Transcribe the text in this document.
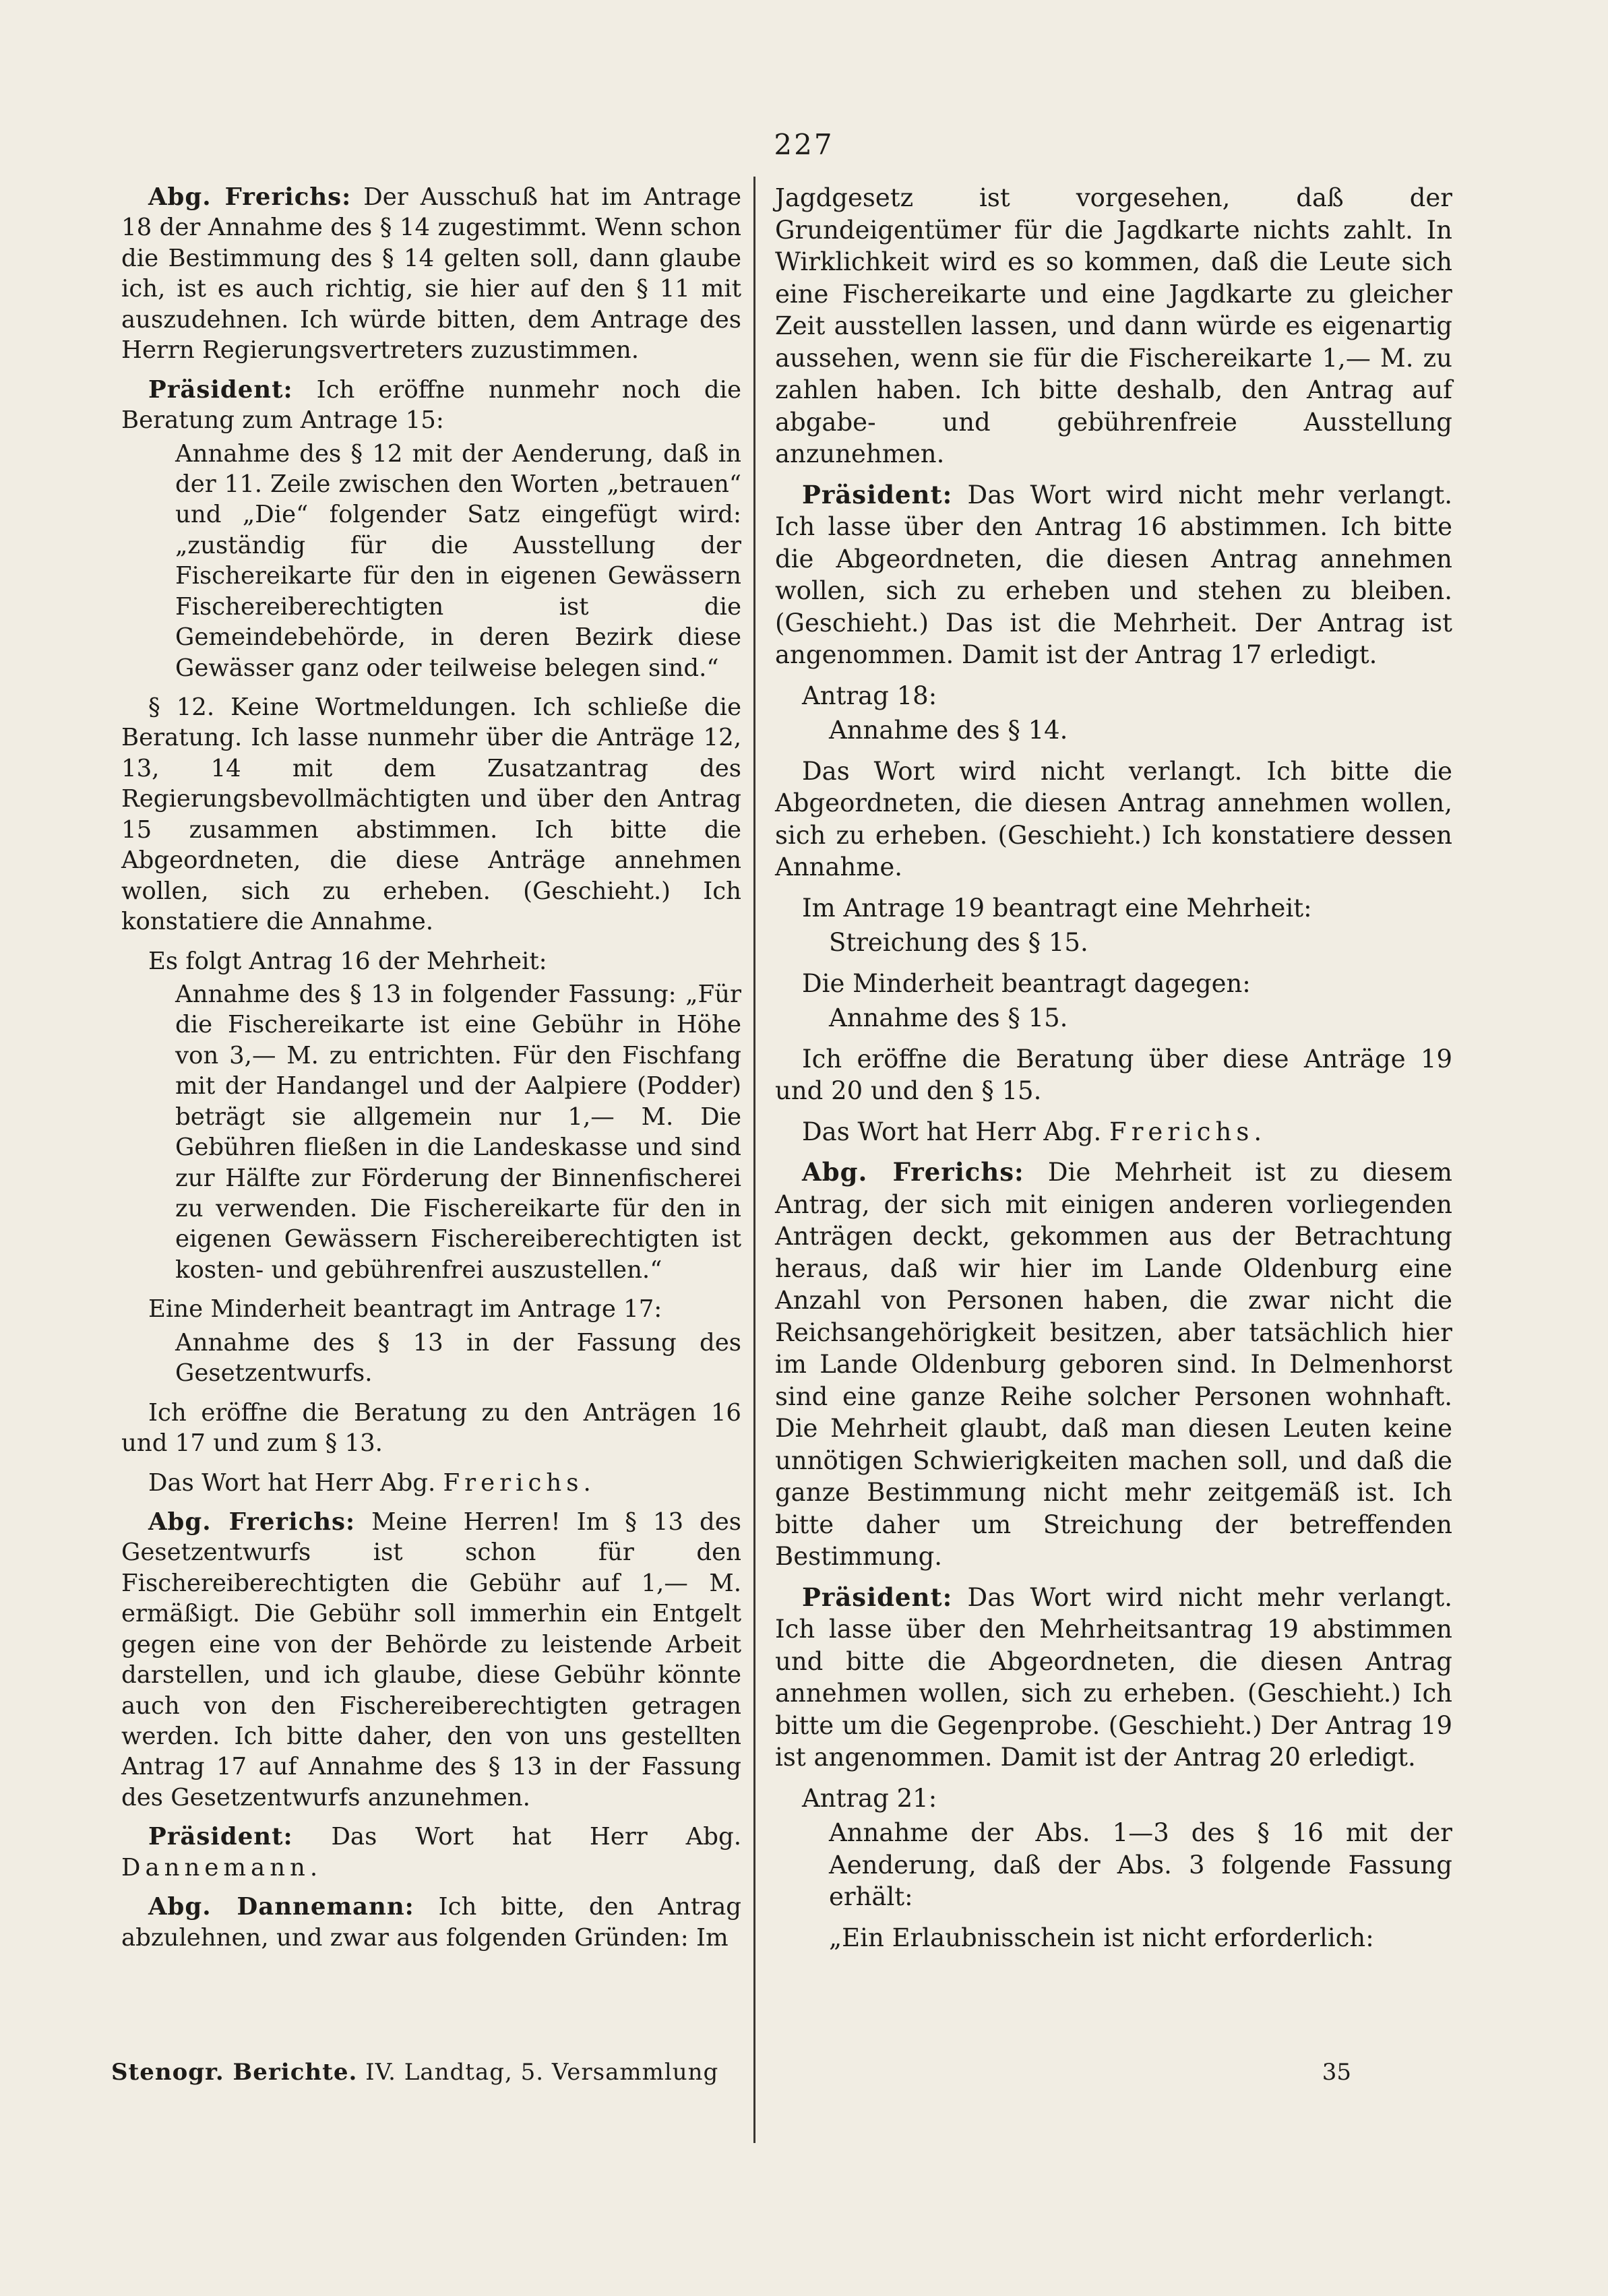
227

Abg. Frerichs: Der Ausschuß hat im Antrage 18 der Annahme des § 14 zugestimmt. Wenn schon die Bestimmung des § 14 gelten soll, dann glaube ich, ist es auch richtig, sie hier auf den § 11 mit auszudehnen. Ich würde bitten, dem Antrage des Herrn Regierungsvertreters zuzustimmen.

Präsident: Ich eröffne nunmehr noch die Beratung zum Antrage 15:

Annahme des § 12 mit der Aenderung, daß in der 11. Zeile zwischen den Worten „betrauen“ und „Die“ folgender Satz eingefügt wird: „zuständig für die Ausstellung der Fischereikarte für den in eigenen Gewässern Fischereiberechtigten ist die Gemeindebehörde, in deren Bezirk diese Gewässer ganz oder teilweise belegen sind.“

§ 12. Keine Wortmeldungen. Ich schließe die Beratung. Ich lasse nunmehr über die Anträge 12, 13, 14 mit dem Zusatzantrag des Regierungsbevollmächtigten und über den Antrag 15 zusammen abstimmen. Ich bitte die Abgeordneten, die diese Anträge annehmen wollen, sich zu erheben. (Geschieht.) Ich konstatiere die Annahme.

Es folgt Antrag 16 der Mehrheit:

Annahme des § 13 in folgender Fassung: „Für die Fischereikarte ist eine Gebühr in Höhe von 3,— M. zu entrichten. Für den Fischfang mit der Handangel und der Aalpiere (Podder) beträgt sie allgemein nur 1,— M. Die Gebühren fließen in die Landeskasse und sind zur Hälfte zur Förderung der Binnenfischerei zu verwenden. Die Fischereikarte für den in eigenen Gewässern Fischereiberechtigten ist kosten- und gebührenfrei auszustellen.“

Eine Minderheit beantragt im Antrage 17:

Annahme des § 13 in der Fassung des Gesetzentwurfs.

Ich eröffne die Beratung zu den Anträgen 16 und 17 und zum § 13.

Das Wort hat Herr Abg. Frerichs.

Abg. Frerichs: Meine Herren! Im § 13 des Gesetzentwurfs ist schon für den Fischereiberechtigten die Gebühr auf 1,— M. ermäßigt. Die Gebühr soll immerhin ein Entgelt gegen eine von der Behörde zu leistende Arbeit darstellen, und ich glaube, diese Gebühr könnte auch von den Fischereiberechtigten getragen werden. Ich bitte daher, den von uns gestellten Antrag 17 auf Annahme des § 13 in der Fassung des Gesetzentwurfs anzunehmen.

Präsident: Das Wort hat Herr Abg. Dannemann.

Abg. Dannemann: Ich bitte, den Antrag abzulehnen, und zwar aus folgenden Gründen: Im

Jagdgesetz ist vorgesehen, daß der Grundeigentümer für die Jagdkarte nichts zahlt. In Wirklichkeit wird es so kommen, daß die Leute sich eine Fischereikarte und eine Jagdkarte zu gleicher Zeit ausstellen lassen, und dann würde es eigenartig aussehen, wenn sie für die Fischereikarte 1,— M. zu zahlen haben. Ich bitte deshalb, den Antrag auf abgabe- und gebührenfreie Ausstellung anzunehmen.

Präsident: Das Wort wird nicht mehr verlangt. Ich lasse über den Antrag 16 abstimmen. Ich bitte die Abgeordneten, die diesen Antrag annehmen wollen, sich zu erheben und stehen zu bleiben. (Geschieht.) Das ist die Mehrheit. Der Antrag ist angenommen. Damit ist der Antrag 17 erledigt.

Antrag 18:

Annahme des § 14.

Das Wort wird nicht verlangt. Ich bitte die Abgeordneten, die diesen Antrag annehmen wollen, sich zu erheben. (Geschieht.) Ich konstatiere dessen Annahme.

Im Antrage 19 beantragt eine Mehrheit:

Streichung des § 15.

Die Minderheit beantragt dagegen:

Annahme des § 15.

Ich eröffne die Beratung über diese Anträge 19 und 20 und den § 15.

Das Wort hat Herr Abg. Frerichs.

Abg. Frerichs: Die Mehrheit ist zu diesem Antrag, der sich mit einigen anderen vorliegenden Anträgen deckt, gekommen aus der Betrachtung heraus, daß wir hier im Lande Oldenburg eine Anzahl von Personen haben, die zwar nicht die Reichsangehörigkeit besitzen, aber tatsächlich hier im Lande Oldenburg geboren sind. In Delmenhorst sind eine ganze Reihe solcher Personen wohnhaft. Die Mehrheit glaubt, daß man diesen Leuten keine unnötigen Schwierigkeiten machen soll, und daß die ganze Bestimmung nicht mehr zeitgemäß ist. Ich bitte daher um Streichung der betreffenden Bestimmung.

Präsident: Das Wort wird nicht mehr verlangt. Ich lasse über den Mehrheitsantrag 19 abstimmen und bitte die Abgeordneten, die diesen Antrag annehmen wollen, sich zu erheben. (Geschieht.) Ich bitte um die Gegenprobe. (Geschieht.) Der Antrag 19 ist angenommen. Damit ist der Antrag 20 erledigt.

Antrag 21:

Annahme der Abs. 1—3 des § 16 mit der Aenderung, daß der Abs. 3 folgende Fassung erhält:

„Ein Erlaubnisschein ist nicht erforderlich:

Stenogr. Berichte. IV. Landtag, 5. Versammlung	35
